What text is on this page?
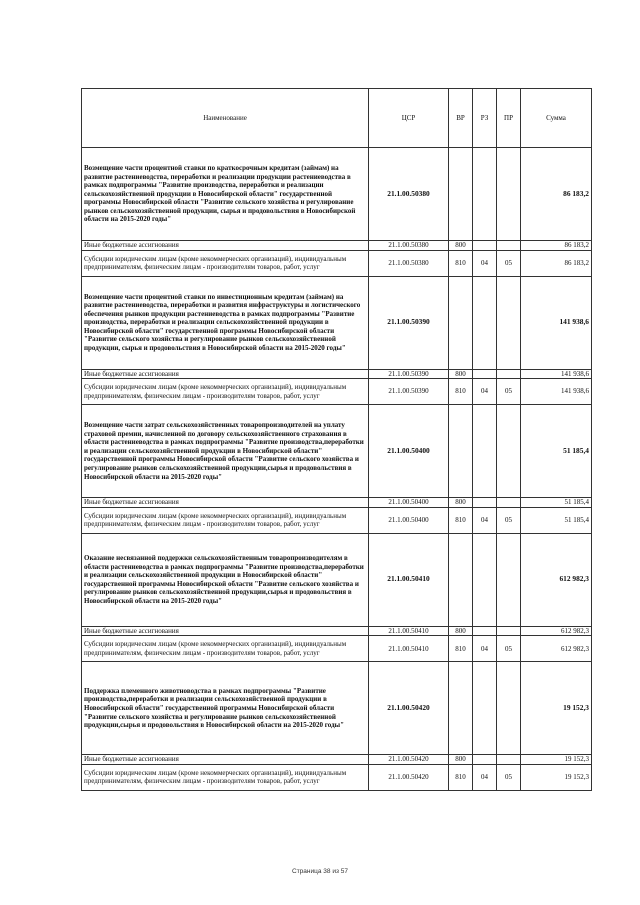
Наименование	ЦСР	ВР	РЗ	ПР	Сумма
Возмещение части процентной ставки по краткосрочным кредитам (займам) на развитие растениеводства, переработки и реализации продукции растениеводства в рамках подпрограммы "Развитие производства, переработки и реализации сельскохозяйственной продукции в Новосибирской области" государственной программы Новосибирской области "Развитие сельского хозяйства и регулирование рынков сельскохозяйственной продукции, сырья и продовольствия в Новосибирской области на 2015-2020 годы"	21.1.00.50380				86 183,2
Иные бюджетные ассигнования	21.1.00.50380	800			86 183,2
Субсидии юридическим лицам (кроме некоммерческих организаций), индивидуальным предпринимателям, физическим лицам - производителям товаров, работ, услуг	21.1.00.50380	810	04	05	86 183,2
Возмещение части процентной ставки по инвестиционным кредитам (займам) на развитие растениеводства, переработки и развития инфраструктуры и логистического обеспечения рынков продукции растениеводства в рамках подпрограммы "Развитие производства, переработки и реализации сельскохозяйственной продукции в Новосибирской области" государственной программы Новосибирской области "Развитие сельского хозяйства и регулирование рынков сельскохозяйственной продукции, сырья и продовольствия в Новосибирской области на 2015-2020 годы"	21.1.00.50390				141 938,6
Иные бюджетные ассигнования	21.1.00.50390	800			141 938,6
Субсидии юридическим лицам (кроме некоммерческих организаций), индивидуальным предпринимателям, физическим лицам - производителям товаров, работ, услуг	21.1.00.50390	810	04	05	141 938,6
Возмещение части затрат сельскохозяйственных товаропроизводителей на уплату страховой премии, начисленной по договору сельскохозяйственного страхования в области растениеводства в рамках подпрограммы "Развитие производства,переработки и реализации сельскохозяйственной продукции в Новосибирской области" государственной программы Новосибирской области "Развитие сельского хозяйства и регулирование рынков сельскохозяйственной продукции,сырья и продовольствия в Новосибирской области на 2015-2020 годы"	21.1.00.50400				51 185,4
Иные бюджетные ассигнования	21.1.00.50400	800			51 185,4
Субсидии юридическим лицам (кроме некоммерческих организаций), индивидуальным предпринимателям, физическим лицам - производителям товаров, работ, услуг	21.1.00.50400	810	04	05	51 185,4
Оказание несвязанной поддержки сельскохозяйственным товаропроизводителям в области растениеводства в рамках подпрограммы "Развитие производства,переработки и реализации сельскохозяйственной продукции в Новосибирской области" государственной программы Новосибирской области "Развитие сельского хозяйства и регулирование рынков сельскохозяйственной продукции,сырья и продовольствия в Новосибирской области на 2015-2020 годы"	21.1.00.50410				612 982,3
Иные бюджетные ассигнования	21.1.00.50410	800			612 982,3
Субсидии юридическим лицам (кроме некоммерческих организаций), индивидуальным предпринимателям, физическим лицам - производителям товаров, работ, услуг	21.1.00.50410	810	04	05	612 982,3
Поддержка племенного животноводства в рамках подпрограммы "Развитие производства,переработки и реализации сельскохозяйственной продукции в Новосибирской области" государственной программы Новосибирской области "Развитие сельского хозяйства и регулирование рынков сельскохозяйственной продукции,сырья и продовольствия в Новосибирской области на 2015-2020 годы"	21.1.00.50420				19 152,3
Иные бюджетные ассигнования	21.1.00.50420	800			19 152,3
Субсидии юридическим лицам (кроме некоммерческих организаций), индивидуальным предпринимателям, физическим лицам - производителям товаров, работ, услуг	21.1.00.50420	810	04	05	19 152,3
Страница 38 из 57
